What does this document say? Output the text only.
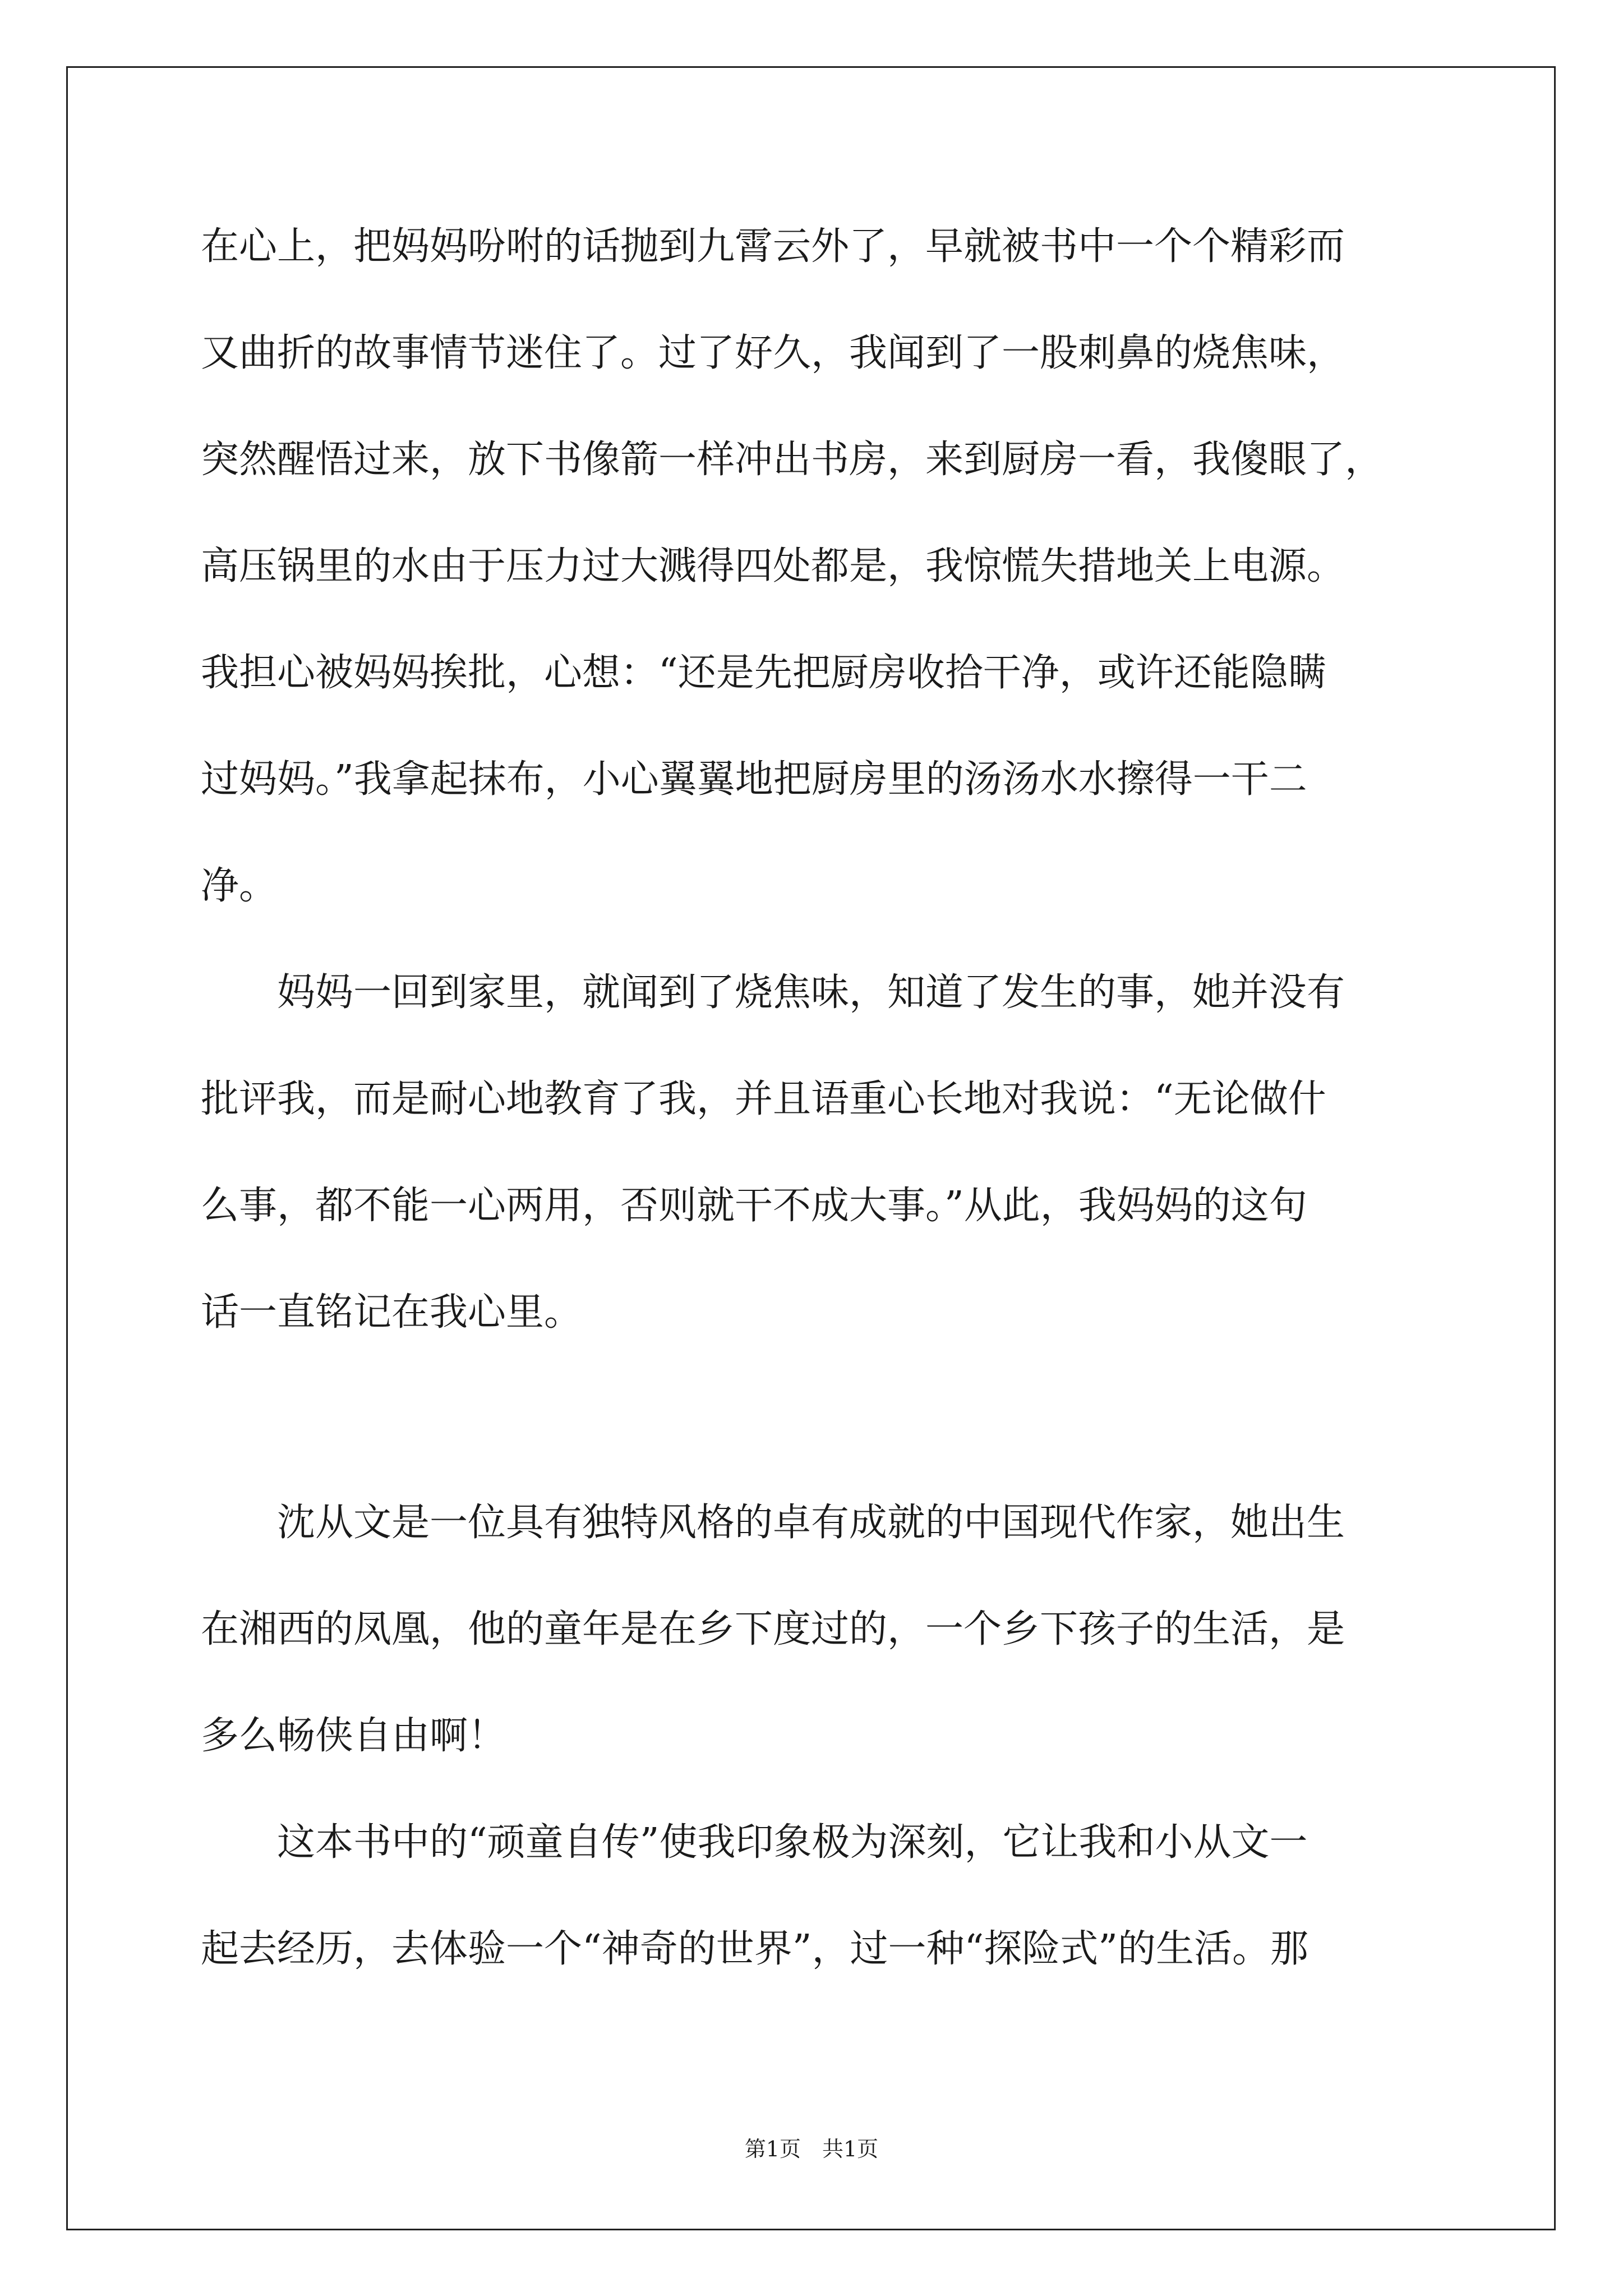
在心上，把妈妈吩咐的话抛到九霄云外了，早就被书中一个个精彩而
又曲折的故事情节迷住了。过了好久，我闻到了一股刺鼻的烧焦味，
突然醒悟过来，放下书像箭一样冲出书房，来到厨房一看，我傻眼了，
高压锅里的水由于压力过大溅得四处都是，我惊慌失措地关上电源。
我担心被妈妈挨批，心想：“还是先把厨房收拾干净，或许还能隐瞒
过妈妈。”我拿起抹布，小心翼翼地把厨房里的汤汤水水擦得一干二
净。
　　妈妈一回到家里，就闻到了烧焦味，知道了发生的事，她并没有
批评我，而是耐心地教育了我，并且语重心长地对我说：“无论做什
么事，都不能一心两用，否则就干不成大事。”从此，我妈妈的这句
话一直铭记在我心里。
　　沈从文是一位具有独特风格的卓有成就的中国现代作家，她出生
在湘西的凤凰，他的童年是在乡下度过的，一个乡下孩子的生活，是
多么畅侠自由啊！
　　这本书中的“顽童自传”使我印象极为深刻，它让我和小从文一
起去经历，去体验一个“神奇的世界”，过一种“探险式”的生活。那
第1页　共1页
